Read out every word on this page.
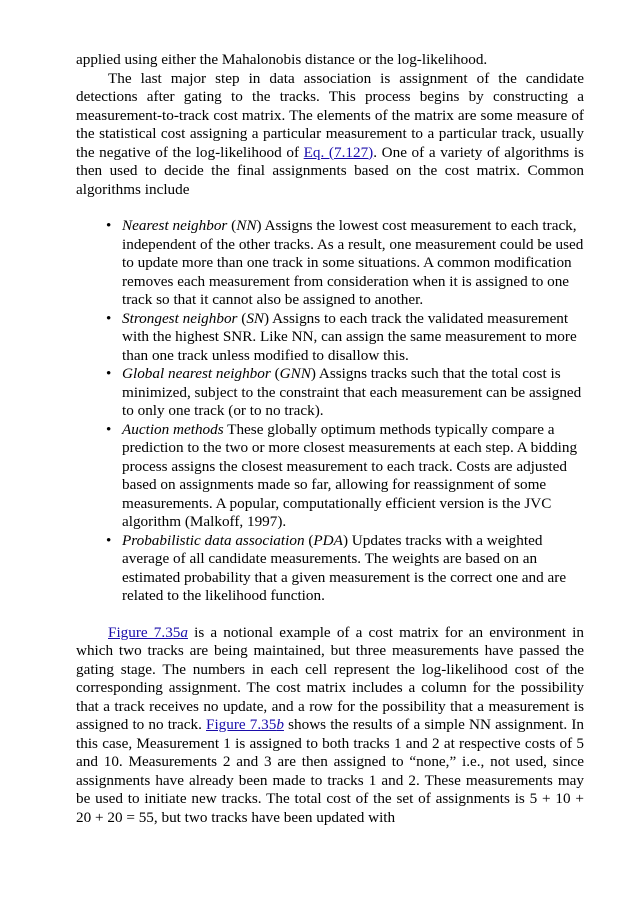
applied using either the Mahalonobis distance or the log-likelihood.

The last major step in data association is assignment of the candidate detections after gating to the tracks. This process begins by constructing a measurement-to-track cost matrix. The elements of the matrix are some measure of the statistical cost assigning a particular measurement to a particular track, usually the negative of the log-likelihood of Eq. (7.127). One of a variety of algorithms is then used to decide the final assignments based on the cost matrix. Common algorithms include

• Nearest neighbor (NN) Assigns the lowest cost measurement to each track, independent of the other tracks. As a result, one measurement could be used to update more than one track in some situations. A common modification removes each measurement from consideration when it is assigned to one track so that it cannot also be assigned to another.
• Strongest neighbor (SN) Assigns to each track the validated measurement with the highest SNR. Like NN, can assign the same measurement to more than one track unless modified to disallow this.
• Global nearest neighbor (GNN) Assigns tracks such that the total cost is minimized, subject to the constraint that each measurement can be assigned to only one track (or to no track).
• Auction methods These globally optimum methods typically compare a prediction to the two or more closest measurements at each step. A bidding process assigns the closest measurement to each track. Costs are adjusted based on assignments made so far, allowing for reassignment of some measurements. A popular, computationally efficient version is the JVC algorithm (Malkoff, 1997).
• Probabilistic data association (PDA) Updates tracks with a weighted average of all candidate measurements. The weights are based on an estimated probability that a given measurement is the correct one and are related to the likelihood function.

Figure 7.35a is a notional example of a cost matrix for an environment in which two tracks are being maintained, but three measurements have passed the gating stage. The numbers in each cell represent the log-likelihood cost of the corresponding assignment. The cost matrix includes a column for the possibility that a track receives no update, and a row for the possibility that a measurement is assigned to no track. Figure 7.35b shows the results of a simple NN assignment. In this case, Measurement 1 is assigned to both tracks 1 and 2 at respective costs of 5 and 10. Measurements 2 and 3 are then assigned to “none,” i.e., not used, since assignments have already been made to tracks 1 and 2. These measurements may be used to initiate new tracks. The total cost of the set of assignments is 5 + 10 + 20 + 20 = 55, but two tracks have been updated with
